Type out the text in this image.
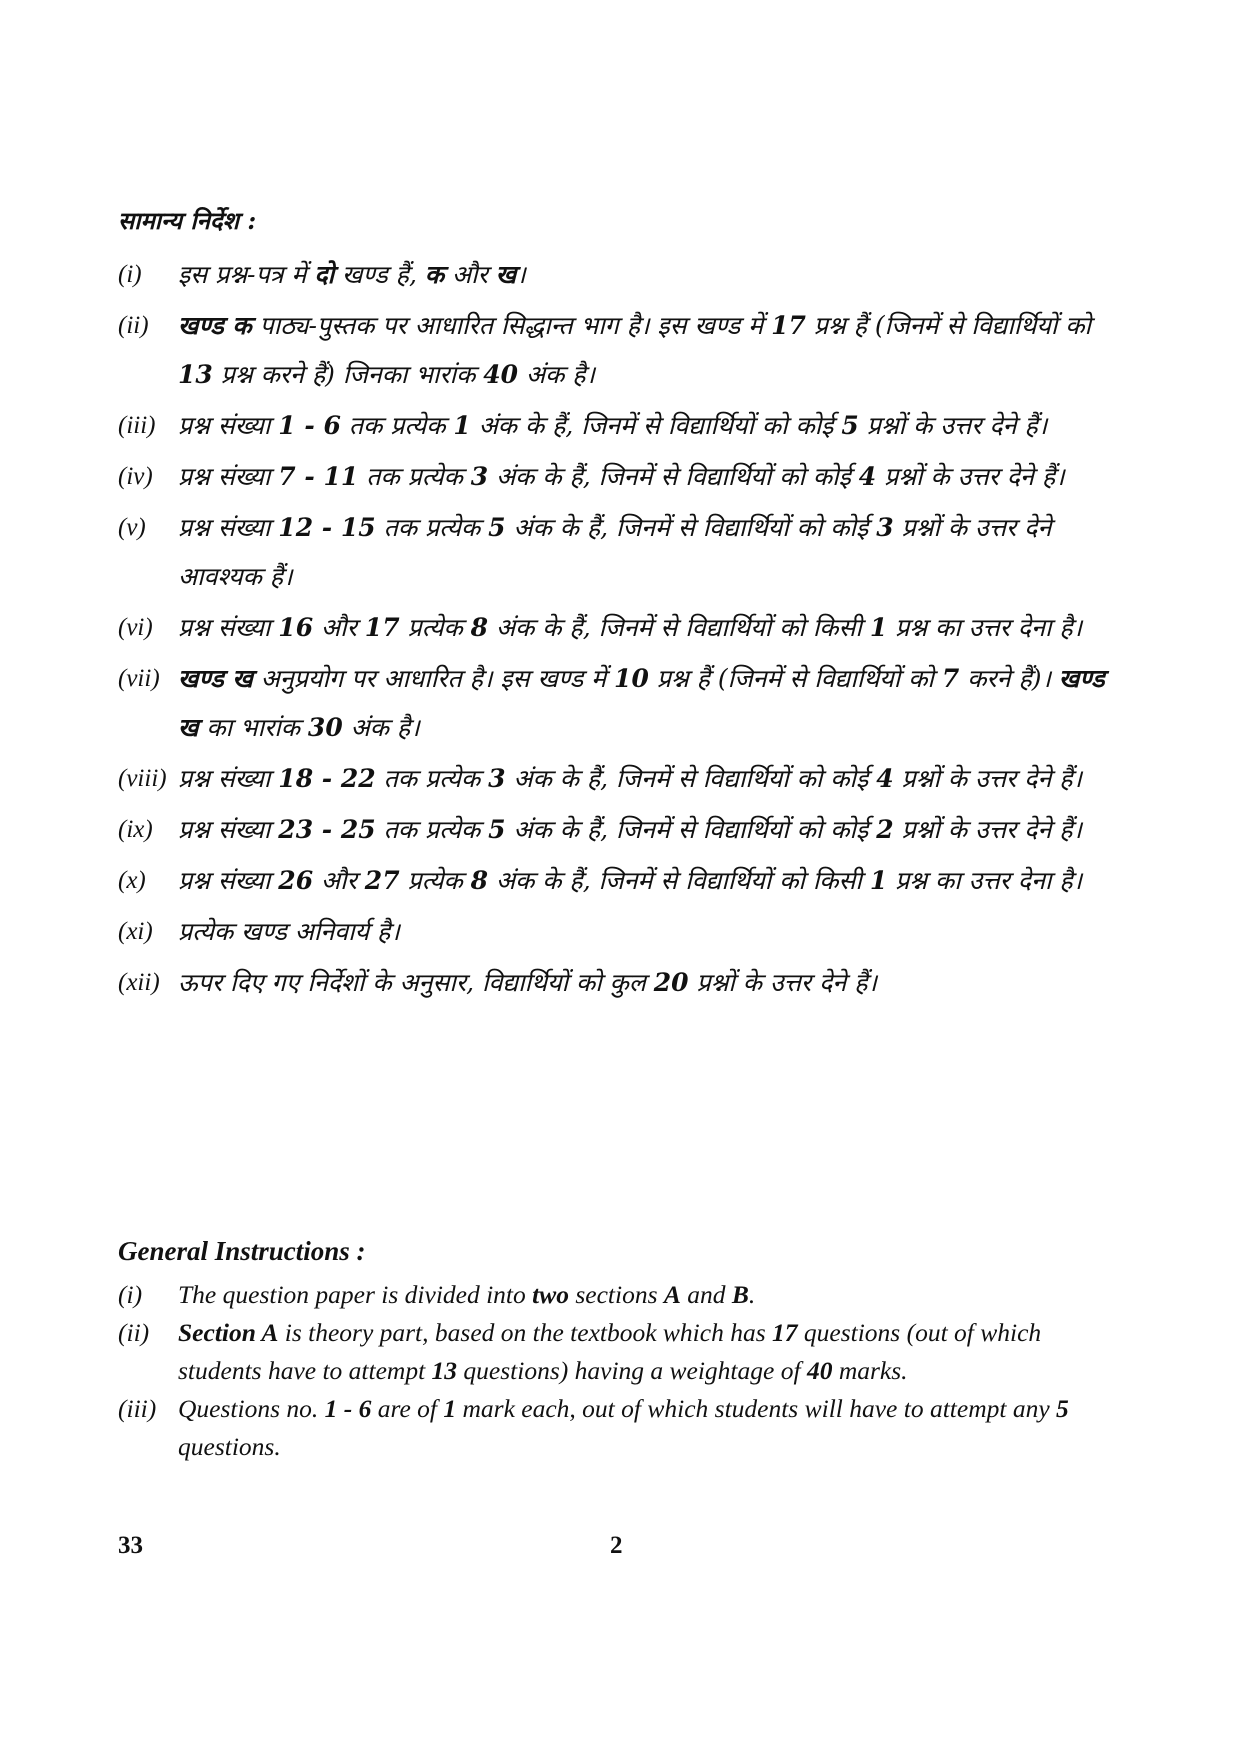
सामान्य निर्देश :
(i) इस प्रश्न-पत्र में दो खण्ड हैं, क और ख।
(ii) खण्ड क पाठ्य-पुस्तक पर आधारित सिद्धान्त भाग है। इस खण्ड में 17 प्रश्न हैं (जिनमें से विद्यार्थियों को 13 प्रश्न करने हैं) जिनका भारांक 40 अंक है।
(iii) प्रश्न संख्या 1 - 6 तक प्रत्येक 1 अंक के हैं, जिनमें से विद्यार्थियों को कोई 5 प्रश्नों के उत्तर देने हैं।
(iv) प्रश्न संख्या 7 - 11 तक प्रत्येक 3 अंक के हैं, जिनमें से विद्यार्थियों को कोई 4 प्रश्नों के उत्तर देने हैं।
(v) प्रश्न संख्या 12 - 15 तक प्रत्येक 5 अंक के हैं, जिनमें से विद्यार्थियों को कोई 3 प्रश्नों के उत्तर देने आवश्यक हैं।
(vi) प्रश्न संख्या 16 और 17 प्रत्येक 8 अंक के हैं, जिनमें से विद्यार्थियों को किसी 1 प्रश्न का उत्तर देना है।
(vii) खण्ड ख अनुप्रयोग पर आधारित है। इस खण्ड में 10 प्रश्न हैं (जिनमें से विद्यार्थियों को 7 करने हैं)। खण्ड ख का भारांक 30 अंक है।
(viii) प्रश्न संख्या 18 - 22 तक प्रत्येक 3 अंक के हैं, जिनमें से विद्यार्थियों को कोई 4 प्रश्नों के उत्तर देने हैं।
(ix) प्रश्न संख्या 23 - 25 तक प्रत्येक 5 अंक के हैं, जिनमें से विद्यार्थियों को कोई 2 प्रश्नों के उत्तर देने हैं।
(x) प्रश्न संख्या 26 और 27 प्रत्येक 8 अंक के हैं, जिनमें से विद्यार्थियों को किसी 1 प्रश्न का उत्तर देना है।
(xi) प्रत्येक खण्ड अनिवार्य है।
(xii) ऊपर दिए गए निर्देशों के अनुसार, विद्यार्थियों को कुल 20 प्रश्नों के उत्तर देने हैं।
General Instructions :
(i) The question paper is divided into two sections A and B.
(ii) Section A is theory part, based on the textbook which has 17 questions (out of which students have to attempt 13 questions) having a weightage of 40 marks.
(iii) Questions no. 1 - 6 are of 1 mark each, out of which students will have to attempt any 5 questions.
33	2
